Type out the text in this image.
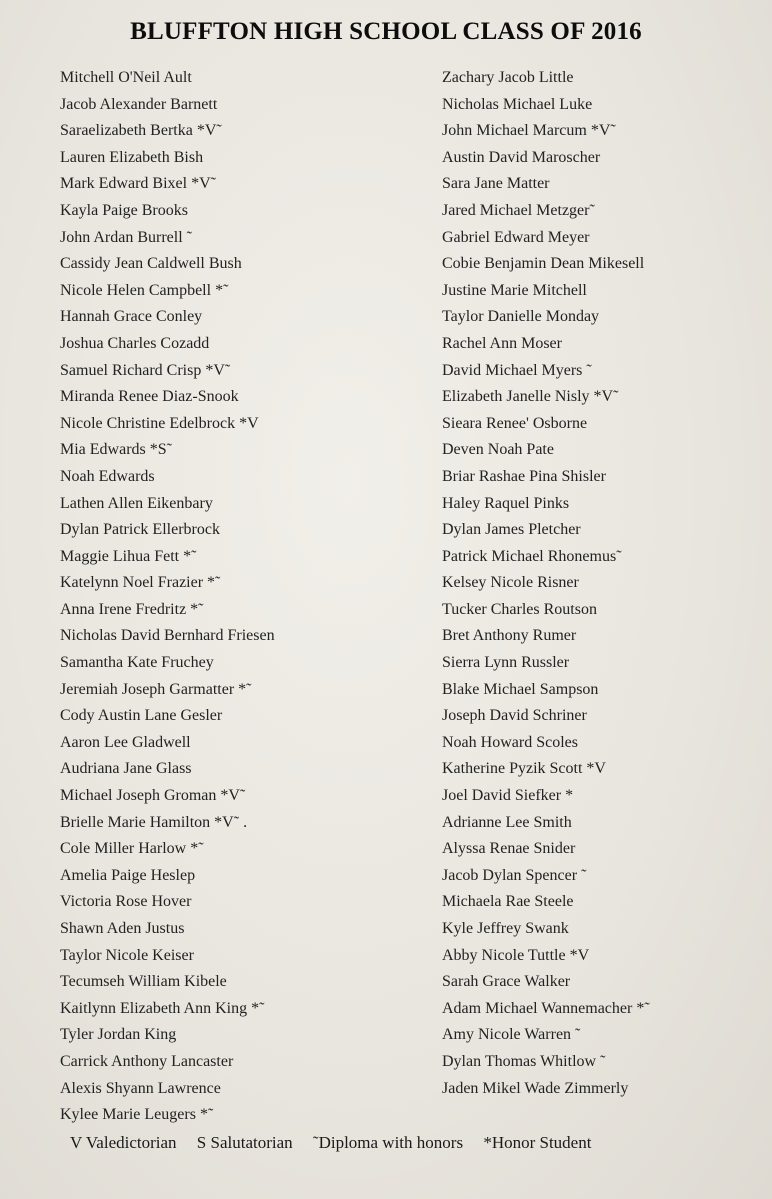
BLUFFTON HIGH SCHOOL CLASS OF 2016
Mitchell O'Neil Ault
Jacob Alexander Barnett
Saraelizabeth Bertka *V˜
Lauren Elizabeth Bish
Mark Edward Bixel *V˜
Kayla Paige Brooks
John Ardan Burrell ˜
Cassidy Jean Caldwell Bush
Nicole Helen Campbell *˜
Hannah Grace Conley
Joshua Charles Cozadd
Samuel Richard Crisp *V˜
Miranda Renee Diaz-Snook
Nicole Christine Edelbrock *V
Mia Edwards *S˜
Noah Edwards
Lathen Allen Eikenbary
Dylan Patrick Ellerbrock
Maggie Lihua Fett *˜
Katelynn Noel Frazier *˜
Anna Irene Fredritz *˜
Nicholas David Bernhard Friesen
Samantha Kate Fruchey
Jeremiah Joseph Garmatter *˜
Cody Austin Lane Gesler
Aaron Lee Gladwell
Audriana Jane Glass
Michael Joseph Groman *V˜
Brielle Marie Hamilton *V˜ .
Cole Miller Harlow *˜
Amelia Paige Heslep
Victoria Rose Hover
Shawn Aden Justus
Taylor Nicole Keiser
Tecumseh William Kibele
Kaitlynn Elizabeth Ann King *˜
Tyler Jordan King
Carrick Anthony Lancaster
Alexis Shyann Lawrence
Kylee Marie Leugers *˜
Zachary Jacob Little
Nicholas Michael Luke
John Michael Marcum *V˜
Austin David Maroscher
Sara Jane Matter
Jared Michael Metzger˜
Gabriel Edward Meyer
Cobie Benjamin Dean Mikesell
Justine Marie Mitchell
Taylor Danielle Monday
Rachel Ann Moser
David Michael Myers ˜
Elizabeth Janelle Nisly *V˜
Sieara Renee' Osborne
Deven Noah Pate
Briar Rashae Pina Shisler
Haley Raquel Pinks
Dylan James Pletcher
Patrick Michael Rhonemus˜
Kelsey Nicole Risner
Tucker Charles Routson
Bret Anthony Rumer
Sierra Lynn Russler
Blake Michael Sampson
Joseph David Schriner
Noah Howard Scoles
Katherine Pyzik Scott *V
Joel David Siefker *
Adrianne Lee Smith
Alyssa Renae Snider
Jacob Dylan Spencer ˜
Michaela Rae Steele
Kyle Jeffrey Swank
Abby Nicole Tuttle *V
Sarah Grace Walker
Adam Michael Wannemacher *˜
Amy Nicole Warren ˜
Dylan Thomas Whitlow ˜
Jaden Mikel Wade Zimmerly
V Valedictorian S Salutatorian ˜Diploma with honors *Honor Student
